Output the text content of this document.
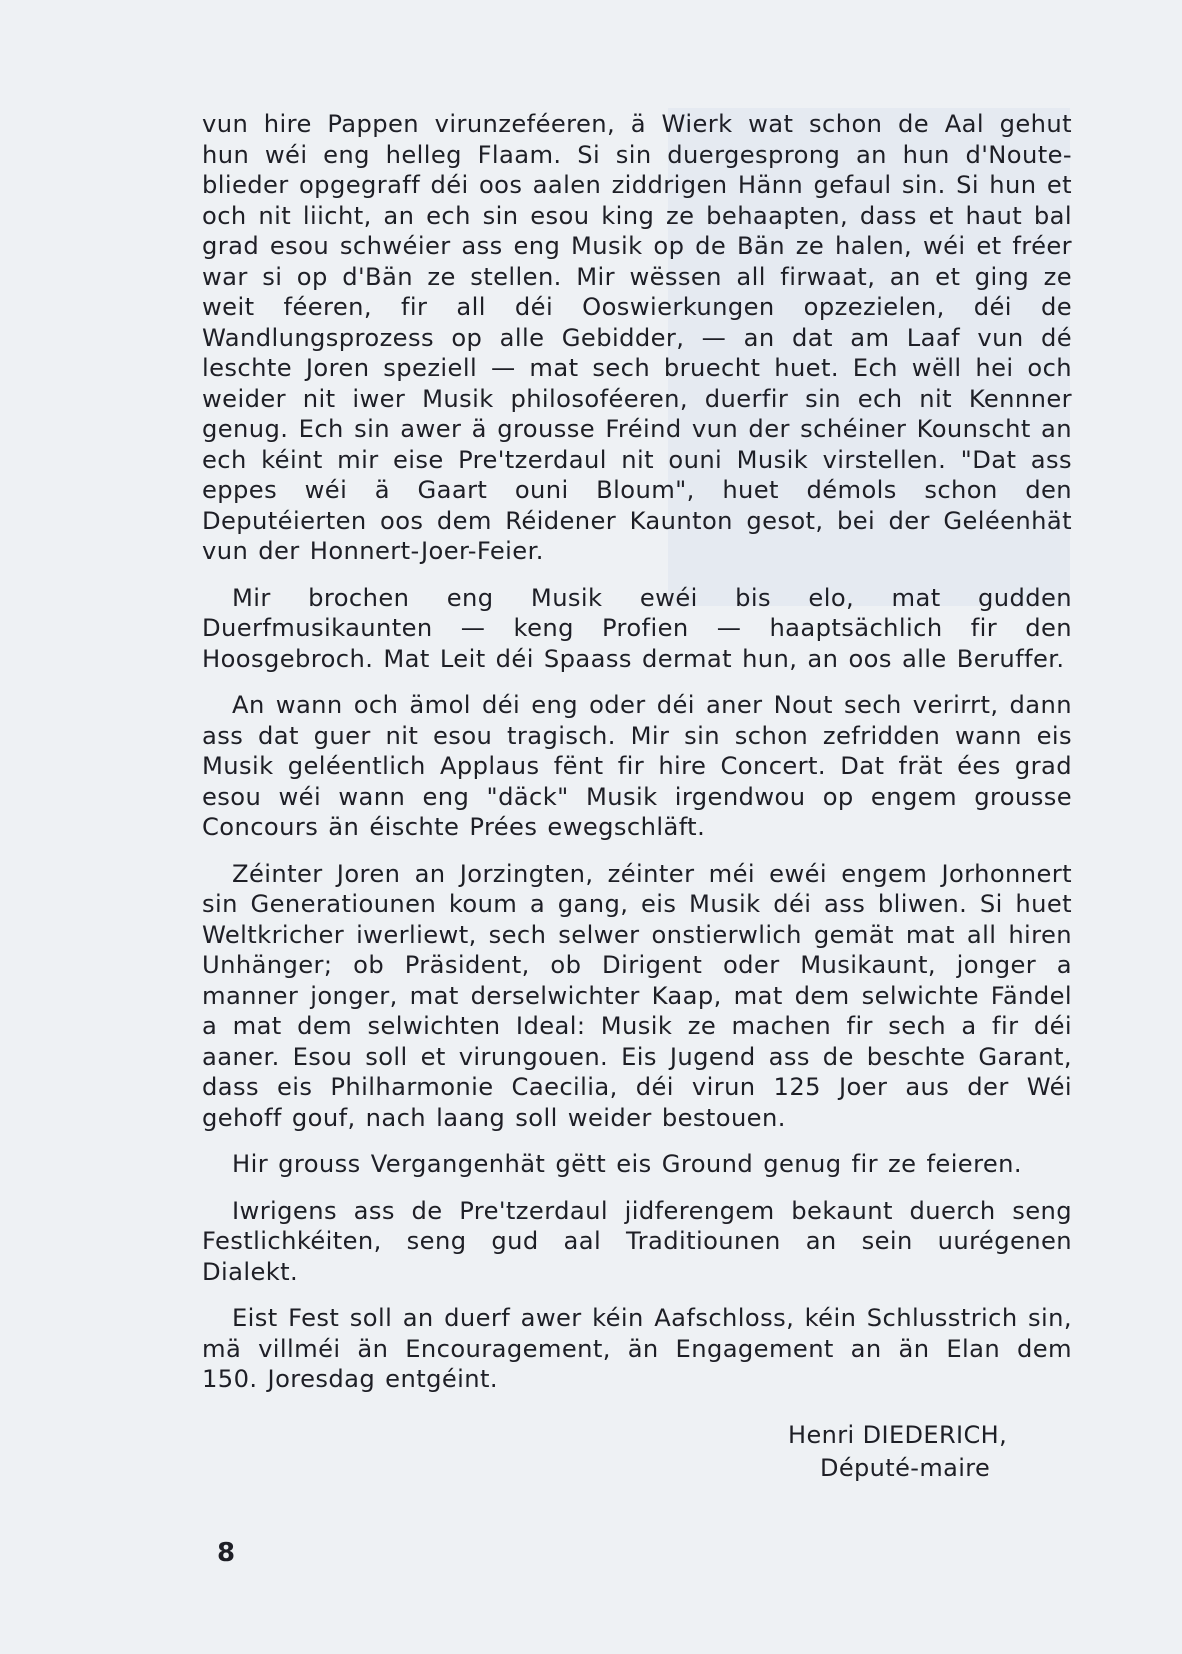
vun hire Pappen virunzeféeren, ä Wierk wat schon de Aal gehut hun wéi eng helleg Flaam. Si sin duergesprong an hun d'Noute-blieder opgegraff déi oos aalen ziddrigen Hänn gefaul sin. Si hun et och nit liicht, an ech sin esou king ze behaapten, dass et haut bal grad esou schwéier ass eng Musik op de Bän ze halen, wéi et fréer war si op d'Bän ze stellen. Mir wëssen all firwaat, an et ging ze weit féeren, fir all déi Ooswierkungen opzezielen, déi de Wandlungsprozess op alle Gebidder, — an dat am Laaf vun dé leschte Joren speziell — mat sech bruecht huet. Ech wëll hei och weider nit iwer Musik philosoféeren, duerfir sin ech nit Kennner genug. Ech sin awer ä grousse Fréind vun der schéiner Kounscht an ech kéint mir eise Pre'tzerdaul nit ouni Musik virstellen. "Dat ass eppes wéi ä Gaart ouni Bloum", huet démols schon den Deputéierten oos dem Réidener Kaunton gesot, bei der Geléenhät vun der Honnert-Joer-Feier.

Mir brochen eng Musik ewéi bis elo, mat gudden Duerfmusikaunten — keng Profien — haaptsächlich fir den Hoosgebroch. Mat Leit déi Spaass dermat hun, an oos alle Beruffer.

An wann och ämol déi eng oder déi aner Nout sech verirrt, dann ass dat guer nit esou tragisch. Mir sin schon zefridden wann eis Musik geléentlich Applaus fënt fir hire Concert. Dat frät ées grad esou wéi wann eng "däck" Musik irgendwou op engem grousse Concours än éischte Prées ewegschläft.

Zéinter Joren an Jorzingten, zéinter méi ewéi engem Jorhonnert sin Generatiounen koum a gang, eis Musik déi ass bliwen. Si huet Weltkricher iwerliewt, sech selwer onstierwlich gemät mat all hiren Unhänger; ob Präsident, ob Dirigent oder Musikaunt, jonger a manner jonger, mat derselwichter Kaap, mat dem selwichte Fändel a mat dem selwichten Ideal: Musik ze machen fir sech a fir déi aaner. Esou soll et virungouen. Eis Jugend ass de beschte Garant, dass eis Philharmonie Caecilia, déi virun 125 Joer aus der Wéi gehoff gouf, nach laang soll weider bestouen.

Hir grouss Vergangenhät gëtt eis Ground genug fir ze feieren.

Iwrigens ass de Pre'tzerdaul jidferengem bekaunt duerch seng Festlichkéiten, seng gud aal Traditiounen an sein uurégenen Dialekt.

Eist Fest soll an duerf awer kéin Aafschloss, kéin Schlusstrich sin, mä villméi än Encouragement, än Engagement an än Elan dem 150. Joresdag entgéint.

Henri DIEDERICH,
Député-maire
8
